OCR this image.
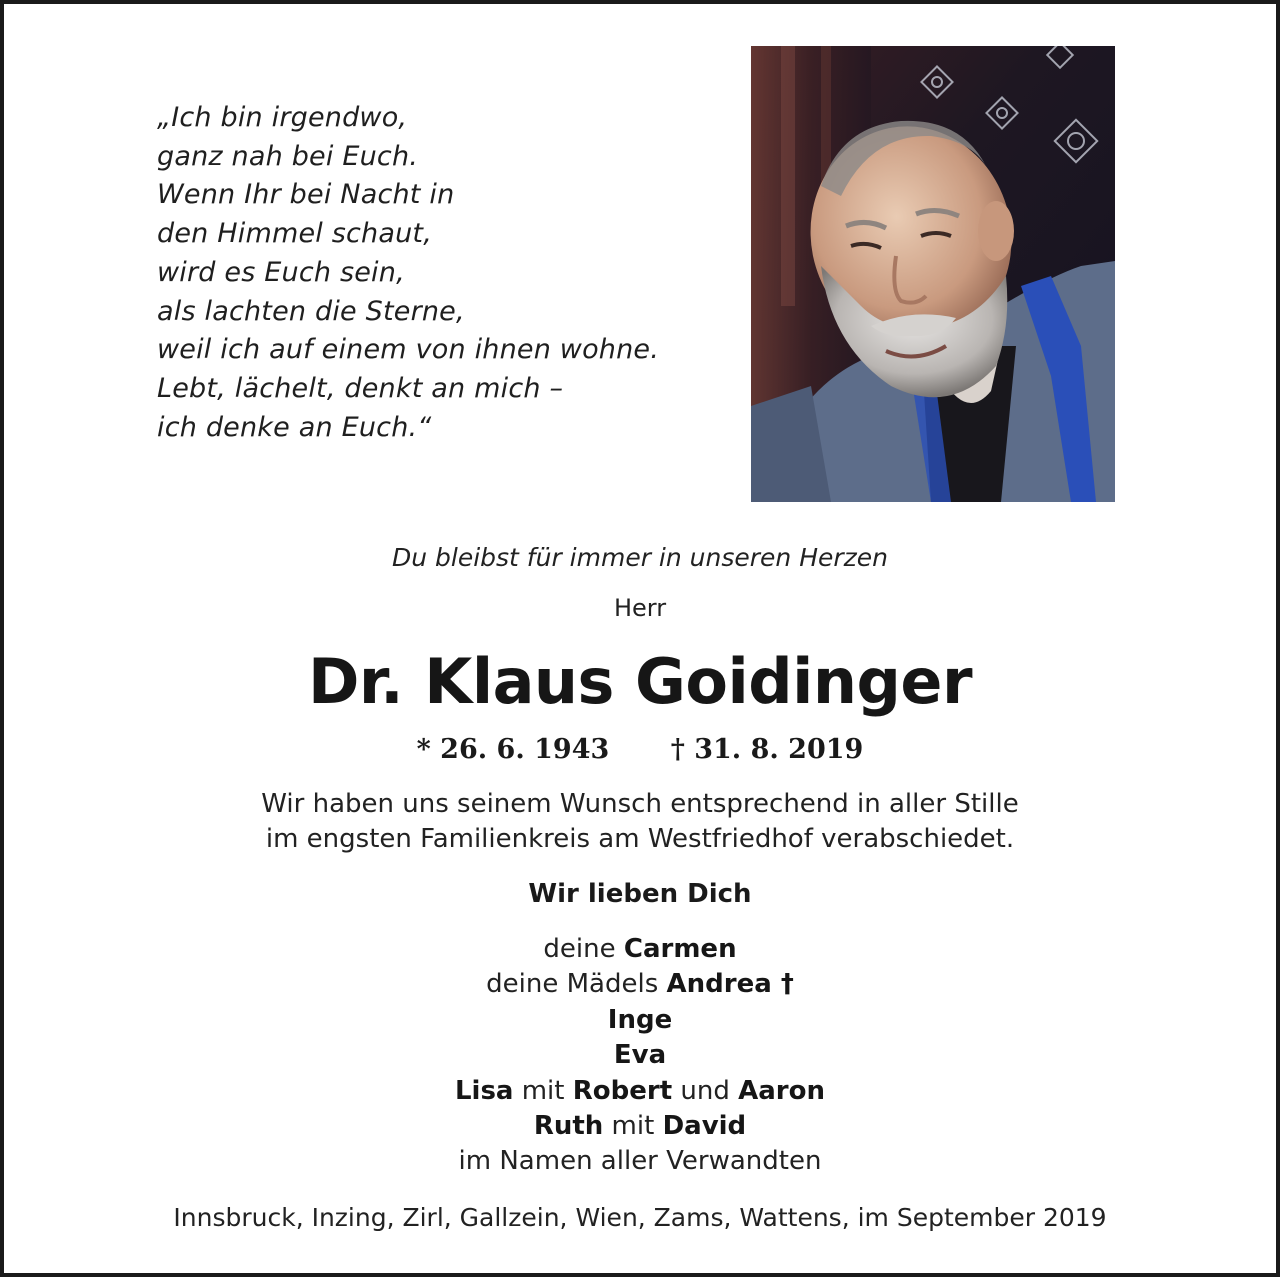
„Ich bin irgendwo,
ganz nah bei Euch.
Wenn Ihr bei Nacht in
den Himmel schaut,
wird es Euch sein,
als lachten die Sterne,
weil ich auf einem von ihnen wohne.
Lebt, lächelt, denkt an mich –
ich denke an Euch.“
Du bleibst für immer in unseren Herzen
Herr
Dr. Klaus Goidinger
* 26. 6. 1943 † 31. 8. 2019
Wir haben uns seinem Wunsch entsprechend in aller Stille
im engsten Familienkreis am Westfriedhof verabschiedet.
Wir lieben Dich
deine Carmen
deine Mädels Andrea †
Inge
Eva
Lisa mit Robert und Aaron
Ruth mit David
im Namen aller Verwandten
Innsbruck, Inzing, Zirl, Gallzein, Wien, Zams, Wattens, im September 2019
